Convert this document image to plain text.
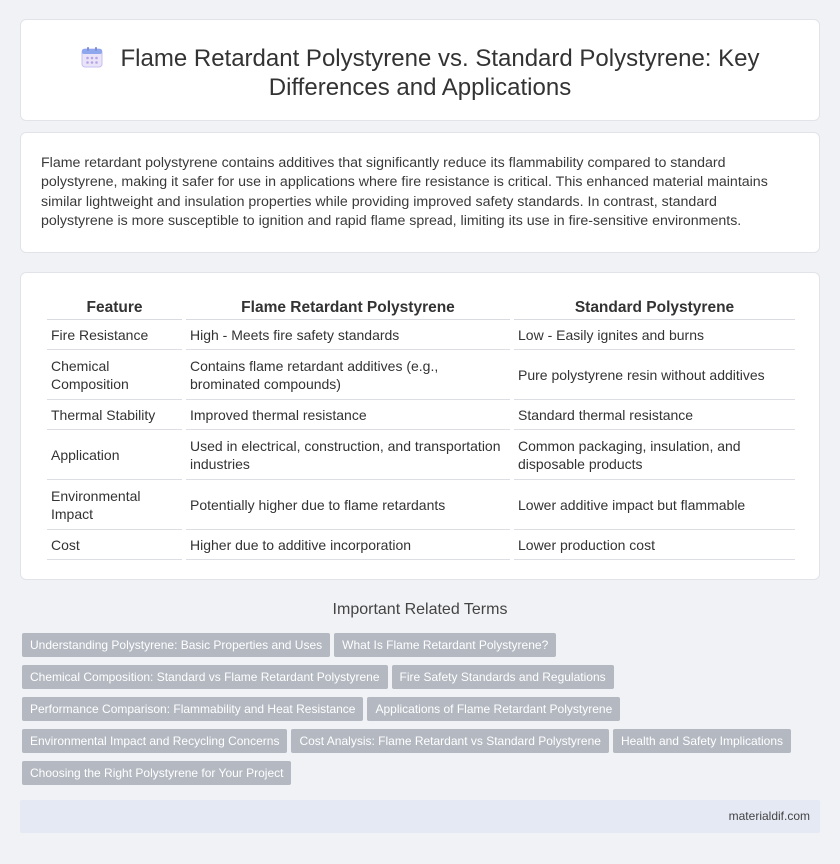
Flame Retardant Polystyrene vs. Standard Polystyrene: Key Differences and Applications

Flame retardant polystyrene contains additives that significantly reduce its flammability compared to standard polystyrene, making it safer for use in applications where fire resistance is critical. This enhanced material maintains similar lightweight and insulation properties while providing improved safety standards. In contrast, standard polystyrene is more susceptible to ignition and rapid flame spread, limiting its use in fire-sensitive environments.

Feature	Flame Retardant Polystyrene	Standard Polystyrene
Fire Resistance	High - Meets fire safety standards	Low - Easily ignites and burns
Chemical Composition	Contains flame retardant additives (e.g., brominated compounds)	Pure polystyrene resin without additives
Thermal Stability	Improved thermal resistance	Standard thermal resistance
Application	Used in electrical, construction, and transportation industries	Common packaging, insulation, and disposable products
Environmental Impact	Potentially higher due to flame retardants	Lower additive impact but flammable
Cost	Higher due to additive incorporation	Lower production cost
Important Related Terms
Understanding Polystyrene: Basic Properties and Uses What Is Flame Retardant Polystyrene?
Chemical Composition: Standard vs Flame Retardant Polystyrene Fire Safety Standards and Regulations
Performance Comparison: Flammability and Heat Resistance Applications of Flame Retardant Polystyrene
Environmental Impact and Recycling Concerns Cost Analysis: Flame Retardant vs Standard Polystyrene Health and Safety Implications
Choosing the Right Polystyrene for Your Project
materialdif.com
